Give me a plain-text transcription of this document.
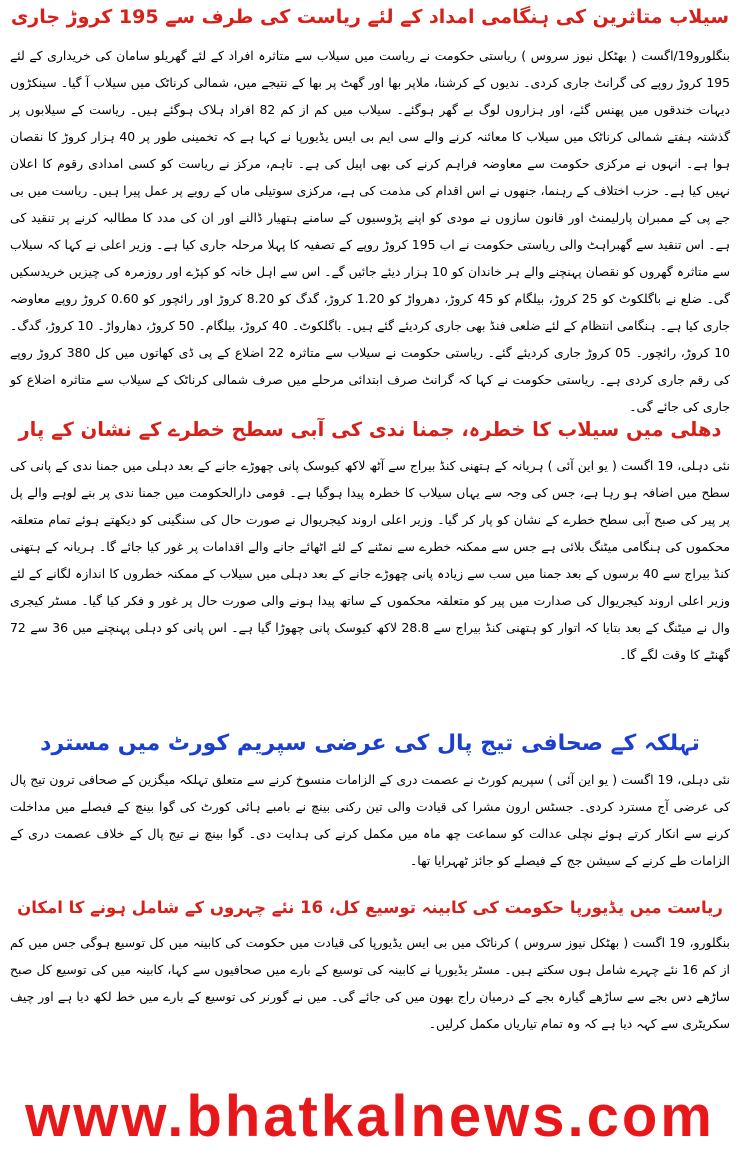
سیلاب متاثرین کی ہنگامی امداد کے لئے ریاست کی طرف سے 195 کروڑ جاری

بنگلورو19/اگست ( بھٹکل نیوز سروس ) ریاستی حکومت نے ریاست میں سیلاب سے متاثرہ افراد کے لئے گھریلو سامان کی خریداری کے لئے 195 کروڑ روپے کی گرانٹ جاری کردی۔ ندیوں کے کرشنا، ملاپر بھا اور گھٹ پر بھا کے نتیجے میں، شمالی کرناٹک میں سیلاب آ گیا۔ سینکڑوں دیہات خندقوں میں پھنس گئے، اور ہزاروں لوگ بے گھر ہوگئے۔ سیلاب میں کم از کم 82 افراد ہلاک ہوگئے ہیں۔ ریاست کے سیلابوں پر گذشتہ ہفتے شمالی کرناٹک میں سیلاب کا معائنہ کرنے والے سی ایم بی ایس یڈیورپا نے کہا ہے کہ تخمینی طور پر 40 ہزار کروڑ کا نقصان ہوا ہے۔ انہوں نے مرکزی حکومت سے معاوضہ فراہم کرنے کی بھی اپیل کی ہے۔ تاہم، مرکز نے ریاست کو کسی امدادی رقوم کا اعلان نہیں کیا ہے۔ حزب اختلاف کے رہنما، جنھوں نے اس اقدام کی مذمت کی ہے، مرکزی سوتیلی ماں کے رویے پر عمل پیرا ہیں۔ ریاست میں بی جے پی کے ممبران پارلیمنٹ اور قانون سازوں نے مودی کو اپنے پڑوسیوں کے سامنے ہتھیار ڈالنے اور ان کی مدد کا مطالبہ کرنے پر تنقید کی ہے۔ اس تنقید سے گھبراہٹ والی ریاستی حکومت نے اب 195 کروڑ روپے کے تصفیہ کا پہلا مرحلہ جاری کیا ہے۔ وزیر اعلی نے کہا کہ سیلاب سے متاثرہ گھروں کو نقصان پہنچنے والے ہر خاندان کو 10 ہزار دیئے جائیں گے۔ اس سے اہل خانہ کو کپڑے اور روزمرہ کی چیزیں خریدسکیں گی۔ ضلع نے باگلکوٹ کو 25 کروڑ، بیلگام کو 45 کروڑ، دھرواڑ کو 1.20 کروڑ، گدگ کو 8.20 کروڑ اور رائچور کو 0.60 کروڑ روپے معاوضہ جاری کیا ہے۔ ہنگامی انتظام کے لئے ضلعی فنڈ بھی جاری کردیئے گئے ہیں۔ باگلکوٹ۔ 40 کروڑ، بیلگام۔ 50 کروڑ، دھارواڑ۔ 10 کروڑ، گدگ۔ 10 کروڑ، رائچور۔ 05 کروڑ جاری کردیئے گئے۔ ریاستی حکومت نے سیلاب سے متاثرہ 22 اضلاع کے پی ڈی کھاتوں میں کل 380 کروڑ روپے کی رقم جاری کردی ہے۔ ریاستی حکومت نے کہا کہ گرانٹ صرف ابتدائی مرحلے میں صرف شمالی کرناٹک کے سیلاب سے متاثرہ اضلاع کو جاری کی جائے گی۔

دھلی میں سیلاب کا خطرہ، جمنا ندی کی آبی سطح خطرے کے نشان کے پار

نئی دہلی، 19 اگست ( یو این آئی ) ہریانہ کے ہتھنی کنڈ بیراج سے آٹھ لاکھ کیوسک پانی چھوڑے جانے کے بعد دہلی میں جمنا ندی کے پانی کی سطح میں اضافہ ہو رہا ہے، جس کی وجہ سے یہاں سیلاب کا خطرہ پیدا ہوگیا ہے۔ قومی دارالحکومت میں جمنا ندی پر بنے لوہے والے پل پر پیر کی صبح آبی سطح خطرے کے نشان کو پار کر گیا۔ وزیر اعلی اروند کیجریوال نے صورت حال کی سنگینی کو دیکھتے ہوئے تمام متعلقہ محکموں کی ہنگامی میٹنگ بلائی ہے جس سے ممکنہ خطرے سے نمٹنے کے لئے اٹھائے جانے والے اقدامات پر غور کیا جائے گا۔ ہریانہ کے ہتھنی کنڈ بیراج سے 40 برسوں کے بعد جمنا میں سب سے زیادہ پانی چھوڑے جانے کے بعد دہلی میں سیلاب کے ممکنہ خطروں کا اندازہ لگانے کے لئے وزیر اعلی اروند کیجریوال کی صدارت میں پیر کو متعلقہ محکموں کے ساتھ پیدا ہونے والی صورت حال پر غور و فکر کیا گیا۔ مسٹر کیجری وال نے میٹنگ کے بعد بتایا کہ اتوار کو ہتھنی کنڈ بیراج سے 28.8 لاکھ کیوسک پانی چھوڑا گیا ہے۔ اس پانی کو دہلی پہنچنے میں 36 سے 72 گھنٹے کا وقت لگے گا۔

تہلکہ کے صحافی تیج پال کی عرضی سپریم کورٹ میں مسترد

نئی دہلی، 19 اگست ( یو این آئی ) سپریم کورٹ نے عصمت دری کے الزامات منسوخ کرنے سے متعلق تہلکہ میگزین کے صحافی ترون تیج پال کی عرضی آج مسترد کردی۔ جسٹس ارون مشرا کی قیادت والی تین رکنی بینچ نے بامبے ہائی کورٹ کی گوا بینچ کے فیصلے میں مداخلت کرنے سے انکار کرتے ہوئے نچلی عدالت کو سماعت چھ ماہ میں مکمل کرنے کی ہدایت دی۔ گوا بینچ نے تیج پال کے خلاف عصمت دری کے الزامات طے کرنے کے سیشن جج کے فیصلے کو جائز ٹھہرایا تھا۔

ریاست میں یڈیورپا حکومت کی کابینہ توسیع کل، 16 نئے چہروں کے شامل ہونے کا امکان

بنگلورو، 19 اگست ( بھٹکل نیوز سروس ) کرناٹک میں بی ایس یڈیورپا کی قیادت میں حکومت کی کابینہ میں کل توسیع ہوگی جس میں کم از کم 16 نئے چہرے شامل ہوں سکتے ہیں۔ مسٹر یڈیورپا نے کابینہ کی توسیع کے بارے میں صحافیوں سے کہا، کابینہ میں کی توسیع کل صبح ساڑھے دس بجے سے ساڑھے گیارہ بجے کے درمیان راج بھون میں کی جائے گی۔ میں نے گورنر کی توسیع کے بارے میں خط لکھ دیا ہے اور چیف سکریٹری سے کہہ دیا ہے کہ وہ تمام تیاریاں مکمل کرلیں۔

www.bhatkalnews.com
